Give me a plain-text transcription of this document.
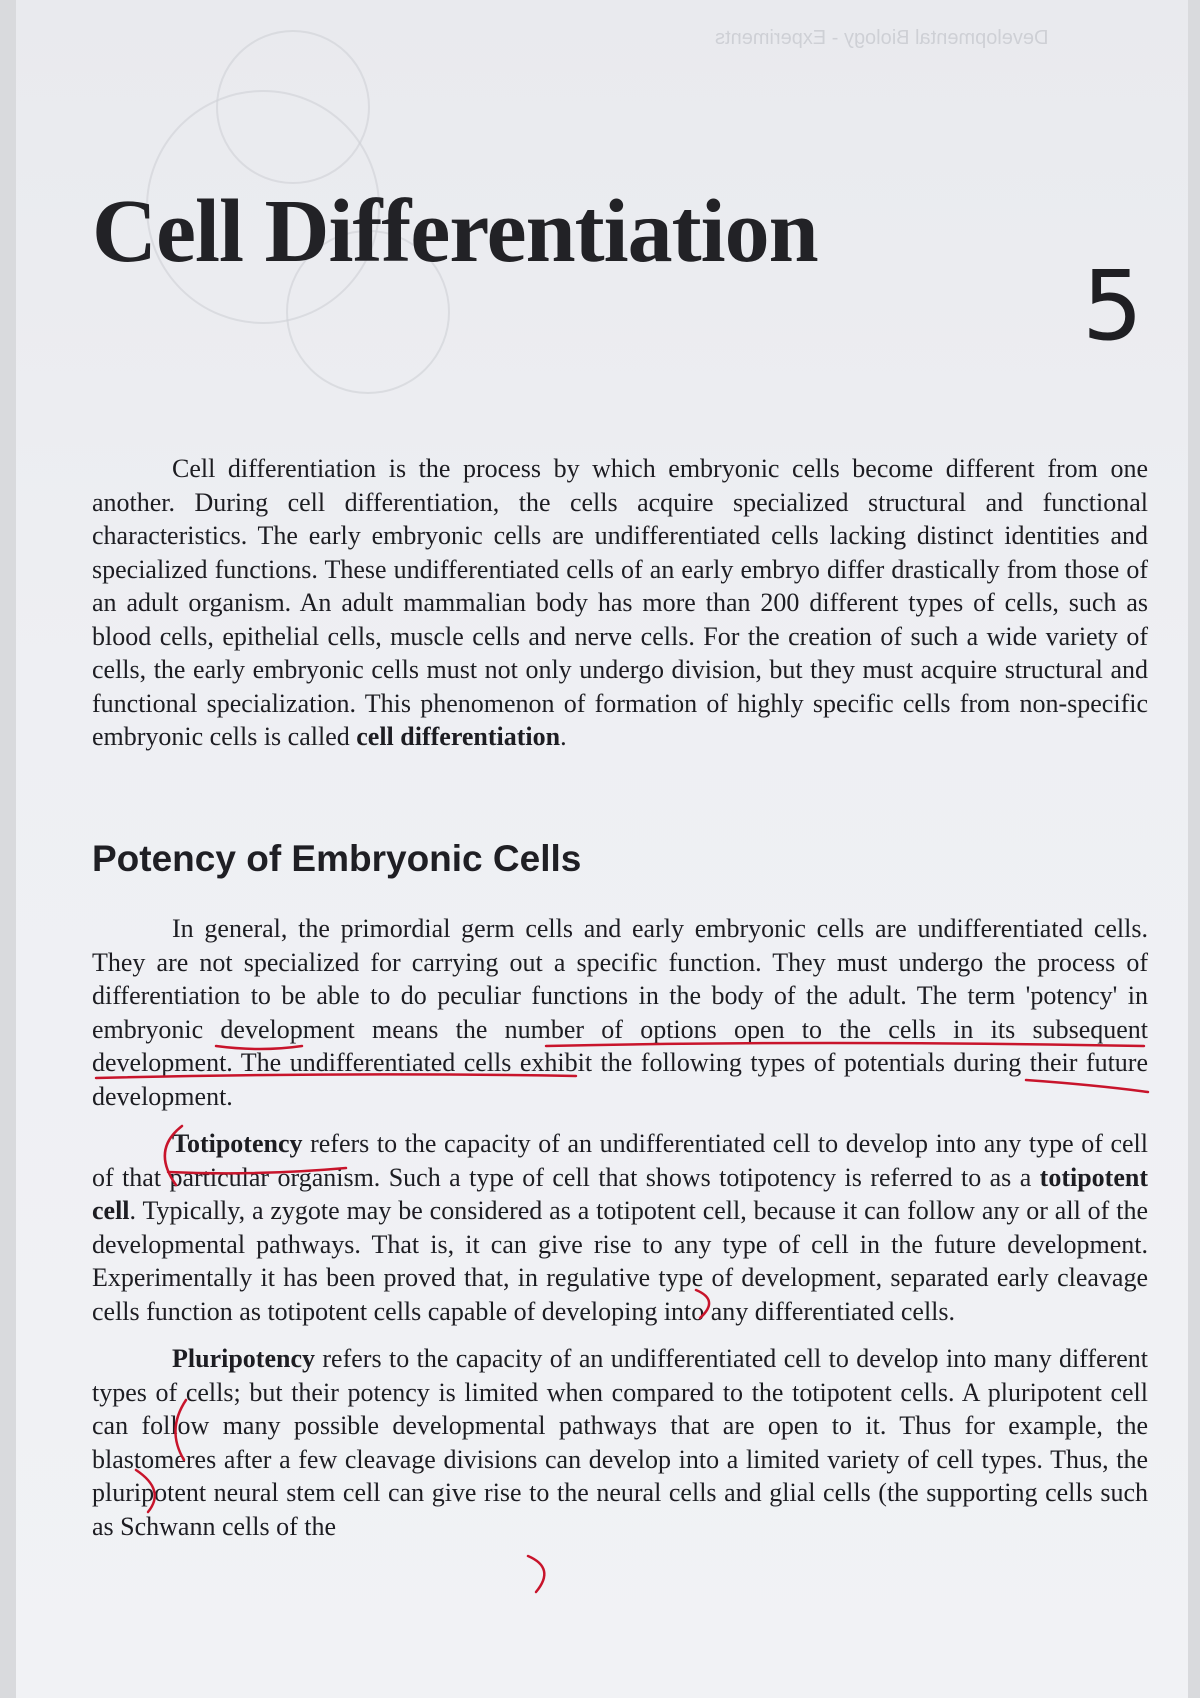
Developmental Biology - Experiments
Cell Differentiation
5

Cell differentiation is the process by which embryonic cells become different from one another. During cell differentiation, the cells acquire specialized structural and functional characteristics. The early embryonic cells are undifferentiated cells lacking distinct identities and specialized functions. These undifferentiated cells of an early embryo differ drastically from those of an adult organism. An adult mammalian body has more than 200 different types of cells, such as blood cells, epithelial cells, muscle cells and nerve cells. For the creation of such a wide variety of cells, the early embryonic cells must not only undergo division, but they must acquire structural and functional specialization. This phenomenon of formation of highly specific cells from non-specific embryonic cells is called cell differentiation.

Potency of Embryonic Cells

In general, the primordial germ cells and early embryonic cells are undifferentiated cells. They are not specialized for carrying out a specific function. They must undergo the process of differentiation to be able to do peculiar functions in the body of the adult. The term 'potency' in embryonic development means the number of options open to the cells in its subsequent development. The undifferentiated cells exhibit the following types of potentials during their future development.

Totipotency refers to the capacity of an undifferentiated cell to develop into any type of cell of that particular organism. Such a type of cell that shows totipotency is referred to as a totipotent cell. Typically, a zygote may be considered as a totipotent cell, because it can follow any or all of the developmental pathways. That is, it can give rise to any type of cell in the future development. Experimentally it has been proved that, in regulative type of development, separated early cleavage cells function as totipotent cells capable of developing into any differentiated cells.

Pluripotency refers to the capacity of an undifferentiated cell to develop into many different types of cells; but their potency is limited when compared to the totipotent cells. A pluripotent cell can follow many possible developmental pathways that are open to it. Thus for example, the blastomeres after a few cleavage divisions can develop into a limited variety of cell types. Thus, the pluripotent neural stem cell can give rise to the neural cells and glial cells (the supporting cells such as Schwann cells of the
